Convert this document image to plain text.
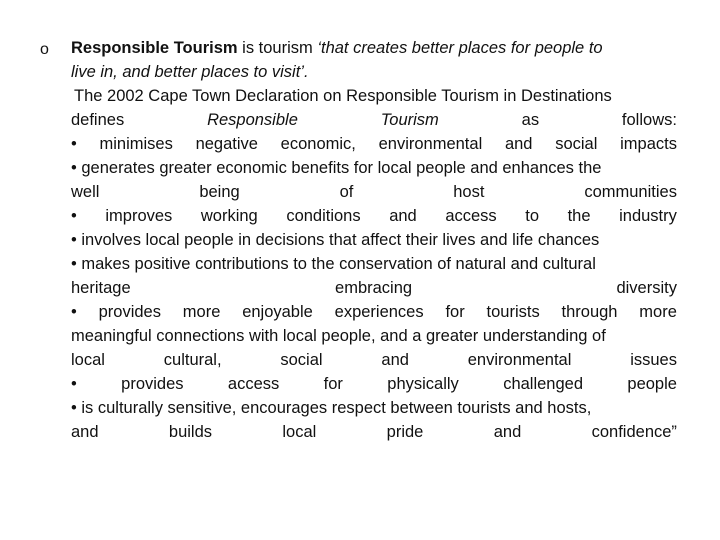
o Responsible Tourism is tourism ‘that creates better places for people to
live in, and better places to visit’.
The 2002 Cape Town Declaration on Responsible Tourism in Destinations
defines	Responsible	Tourism	as	follows:
• minimises negative economic, environmental and social impacts
• generates greater economic benefits for local people and enhances the
well	being	of	host	communities
• improves working conditions and access to the industry
• involves local people in decisions that affect their lives and life chances
• makes positive contributions to the conservation of natural and cultural
heritage	embracing	diversity
• provides more enjoyable experiences for tourists through more
meaningful connections with local people, and a greater understanding of
local	cultural,	social	and	environmental	issues
•	provides	access	for	physically	challenged	people
• is culturally sensitive, encourages respect between tourists and hosts,
and	builds	local	pride	and	confidence”
